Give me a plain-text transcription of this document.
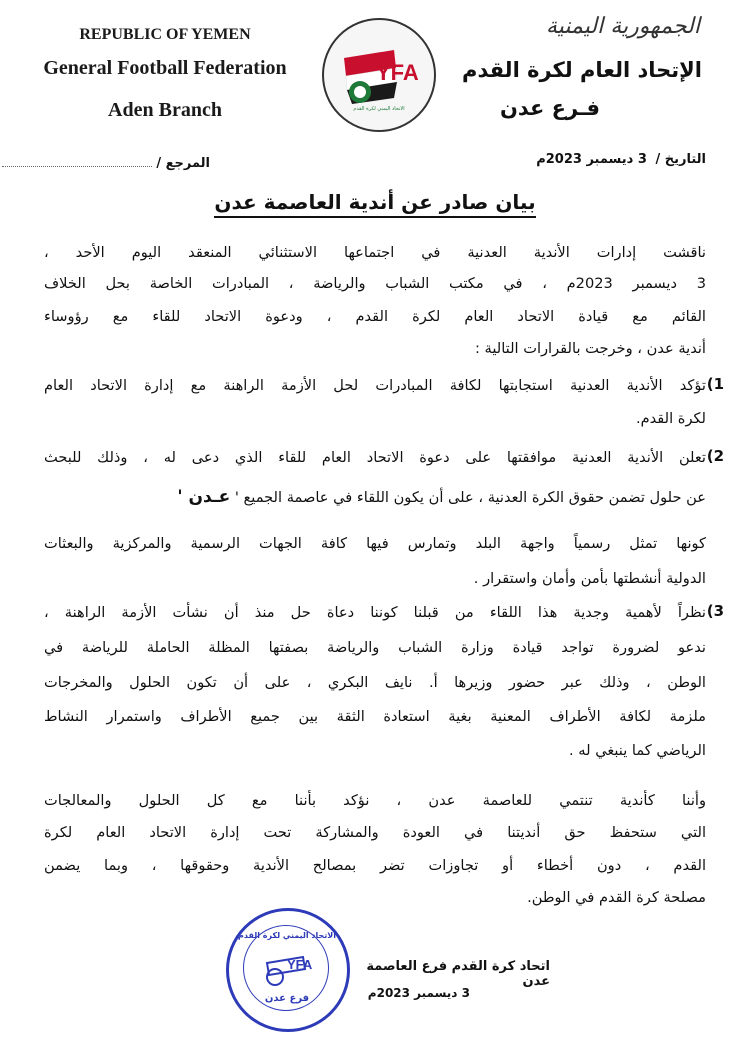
REPUBLIC OF YEMEN
General Football Federation
Aden Branch
YFA
الاتحاد اليمني لكرة القدم
الجمهورية اليمنية
الإتحاد العام لكرة القدم
فـرع عدن
التاريخ / 3 ديسمبر 2023م
المرجع /
بيان صادر عن أندية العاصمة عدن
ناقشت إدارات الأندية العدنية في اجتماعها الاستثنائي المنعقد اليوم الأحد ،
3 ديسمبر 2023م ، في مكتب الشباب والرياضة ، المبادرات الخاصة بحل الخلاف
القائم مع قيادة الاتحاد العام لكرة القدم ، ودعوة الاتحاد للقاء مع رؤوساء
أندية عدن ، وخرجت بالقرارات التالية :
1)
تؤكد الأندية العدنية استجابتها لكافة المبادرات لحل الأزمة الراهنة مع إدارة الاتحاد العام
لكرة القدم.
2)
تعلن الأندية العدنية موافقتها على دعوة الاتحاد العام للقاء الذي دعى له ، وذلك للبحث
عن حلول تضمن حقوق الكرة العدنية ، على أن يكون اللقاء في عاصمة الجميع ' عـدن '
كونها تمثل رسمياً واجهة البلد وتمارس فيها كافة الجهات الرسمية والمركزية والبعثات
الدولية أنشطتها بأمن وأمان واستقرار .
3)
نظراً لأهمية وجدية هذا اللقاء من قبلنا كوننا دعاة حل منذ أن نشأت الأزمة الراهنة ،
ندعو لضرورة تواجد قيادة وزارة الشباب والرياضة بصفتها المظلة الحاملة للرياضة في
الوطن ، وذلك عبر حضور وزيرها أ. نايف البكري ، على أن تكون الحلول والمخرجات
ملزمة لكافة الأطراف المعنية بغية استعادة الثقة بين جميع الأطراف واستمرار النشاط
الرياضي كما ينبغي له .
وأننا كأندية تنتمي للعاصمة عدن ، نؤكد بأننا مع كل الحلول والمعالجات
التي ستحفظ حق أنديتنا في العودة والمشاركة تحت إدارة الاتحاد العام لكرة
القدم ، دون أخطاء أو تجاوزات تضر بمصالح الأندية وحقوقها ، وبما يضمن
مصلحة كرة القدم في الوطن.
الاتحاد اليمني لكرة القدم
YFA
فرع عدن
اتحاد كرة القدم فرع العاصمة عدن
3 ديسمبر 2023م
